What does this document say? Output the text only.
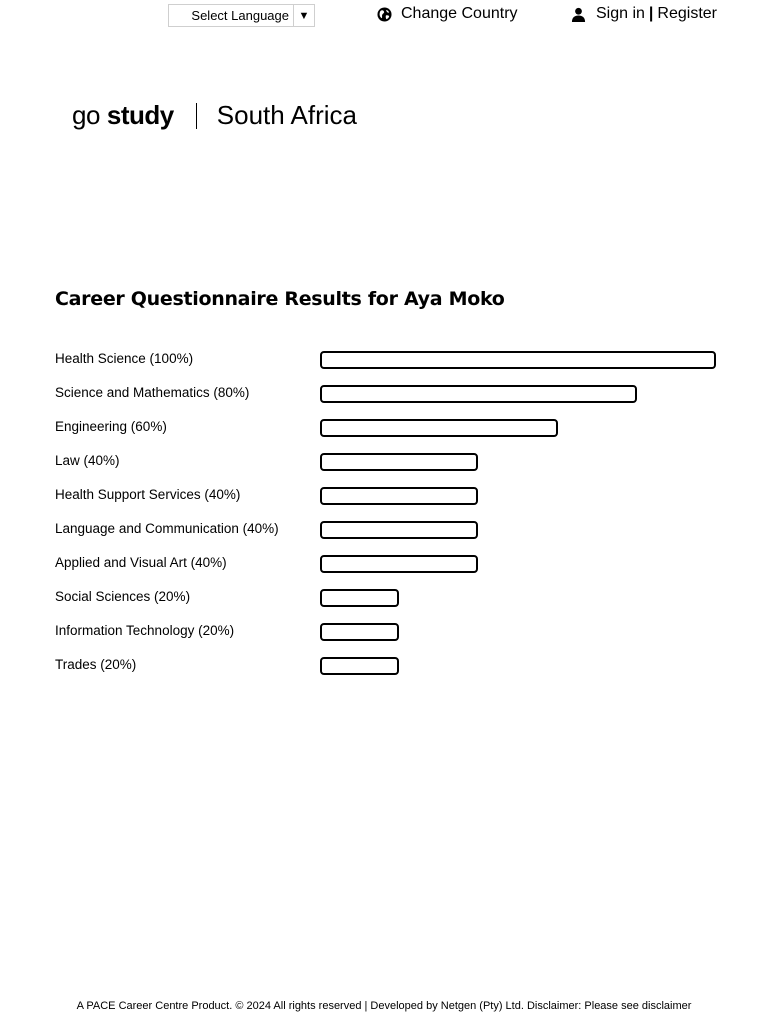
Select Language ▼	Change Country	Sign in | Register
go study South Africa
Career Questionnaire Results for Aya Moko
Health Science (100%)
Science and Mathematics (80%)
Engineering (60%)
Law (40%)
Health Support Services (40%)
Language and Communication (40%)
Applied and Visual Art (40%)
Social Sciences (20%)
Information Technology (20%)
Trades (20%)
A PACE Career Centre Product. © 2024 All rights reserved | Developed by Netgen (Pty) Ltd. Disclaimer: Please see disclaimer
